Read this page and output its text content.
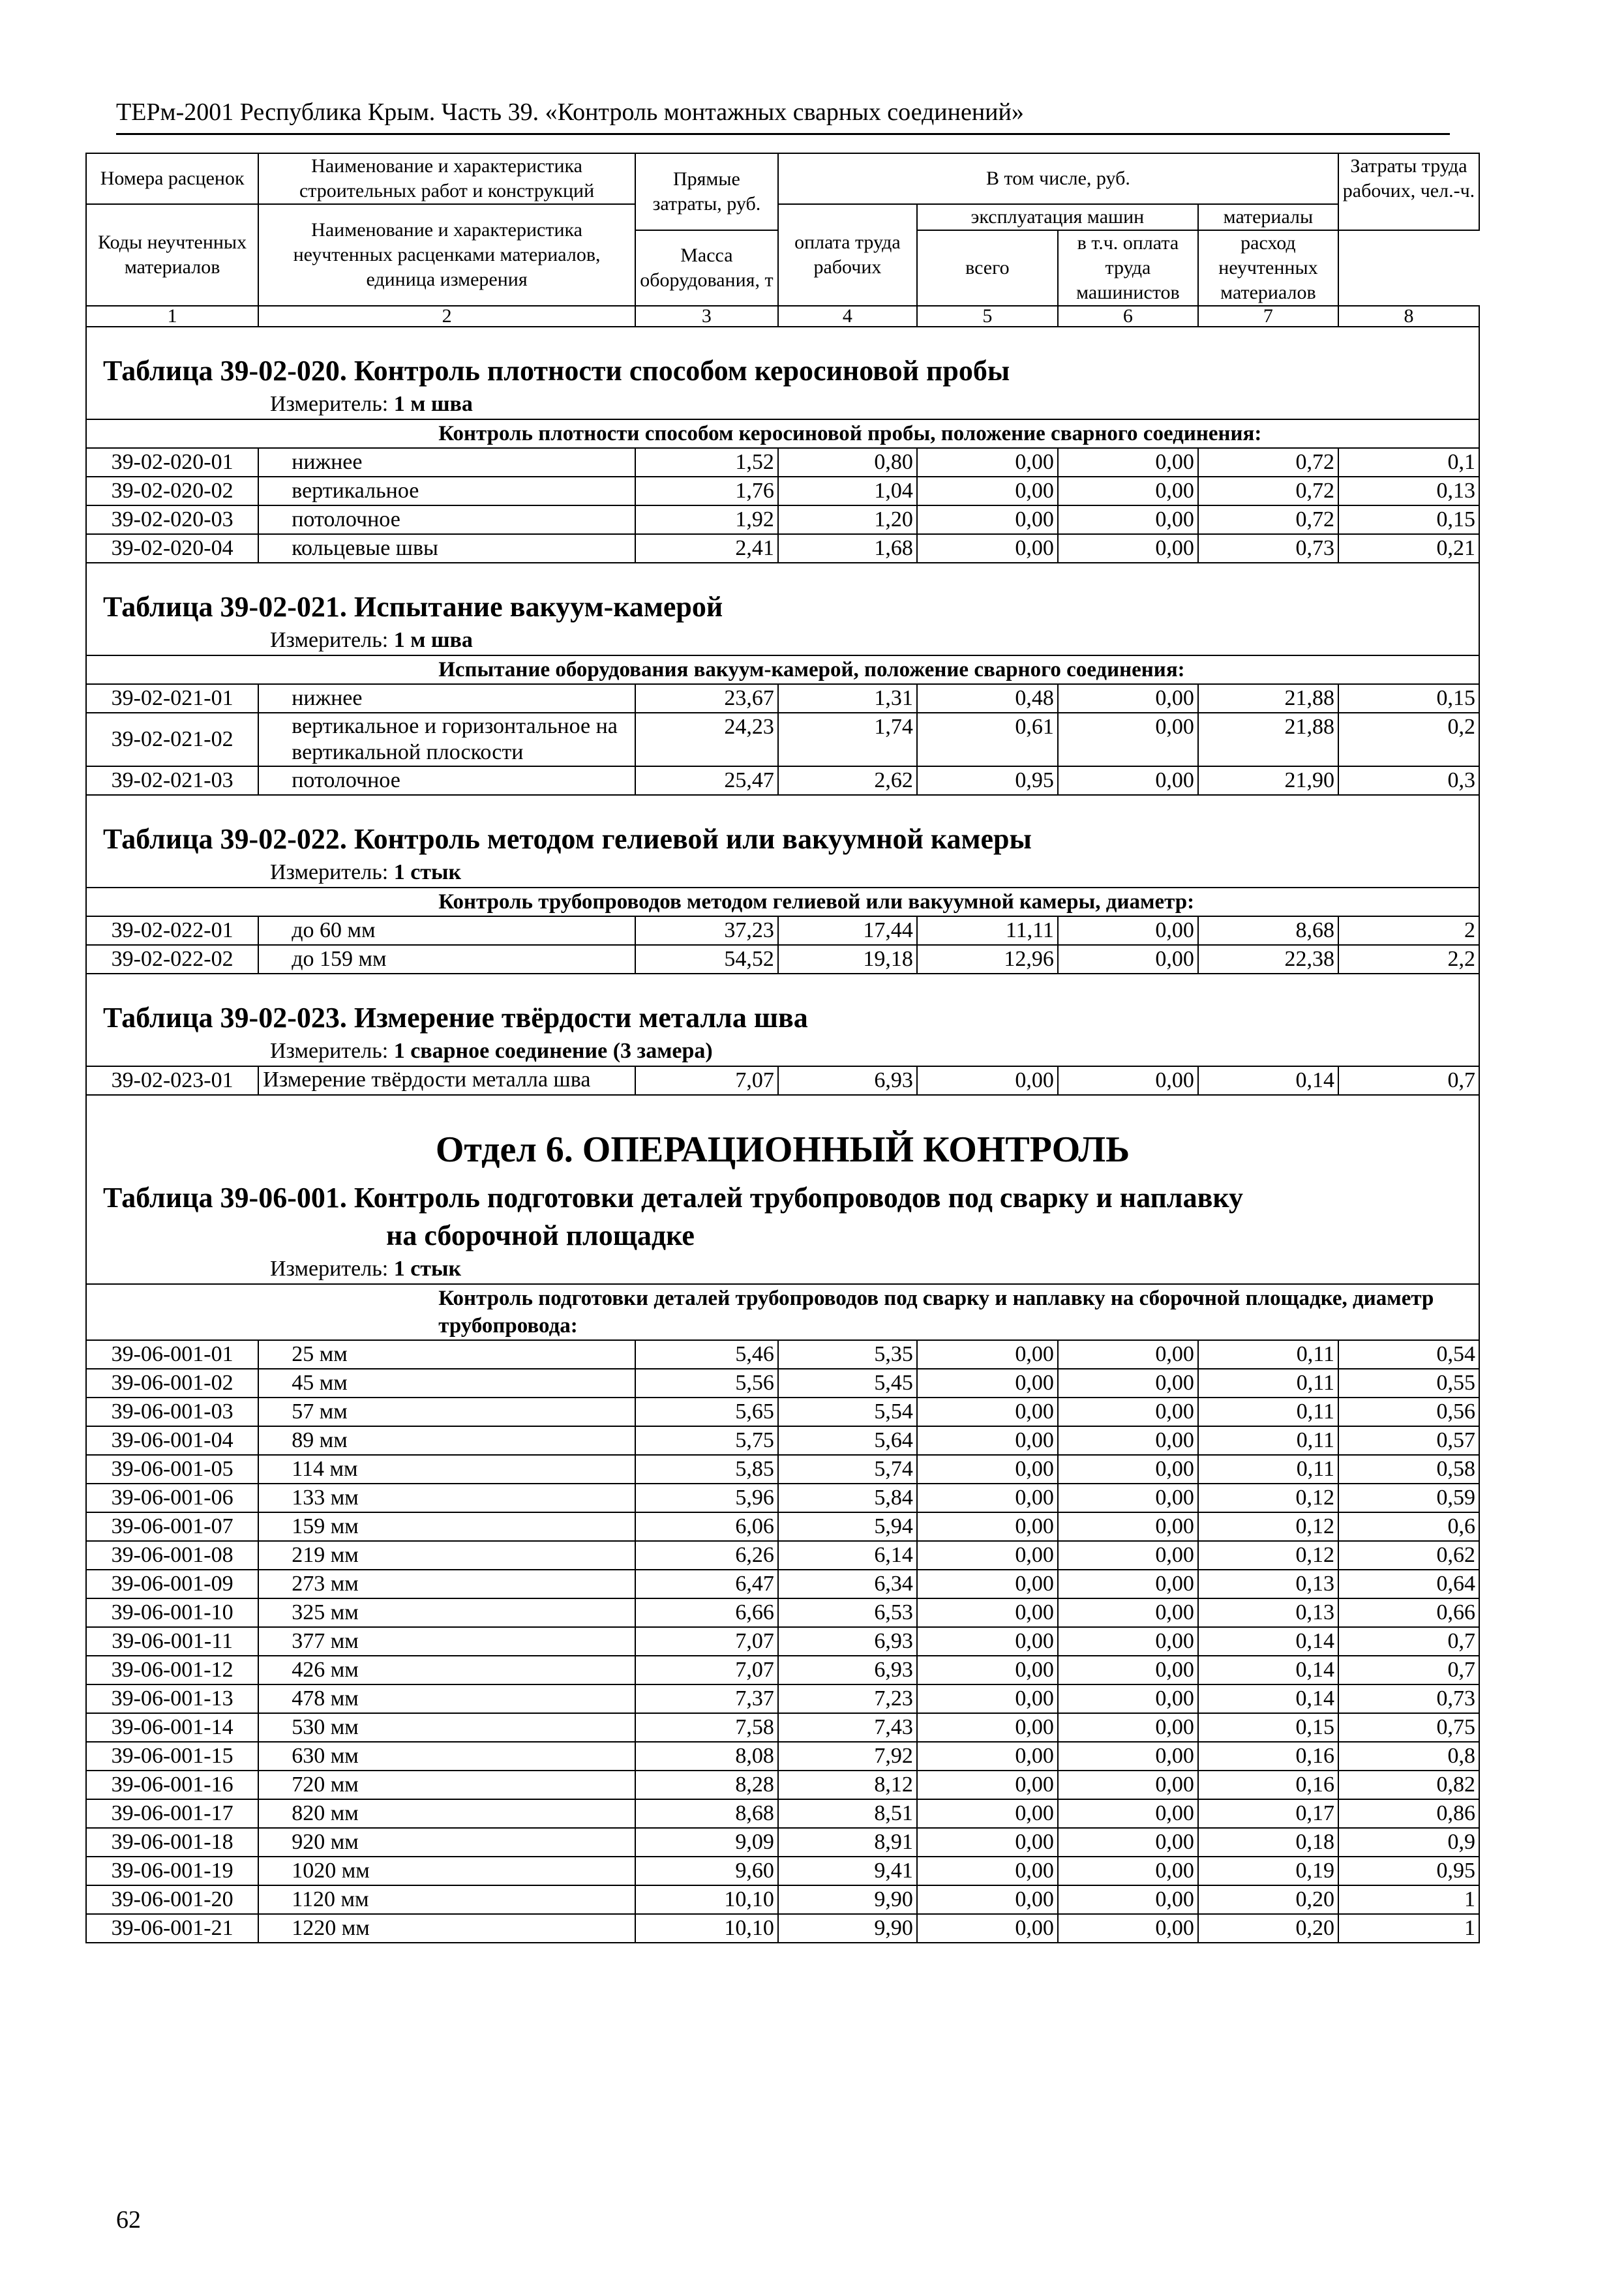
ТЕРм-2001 Республика Крым. Часть 39. «Контроль монтажных сварных соединений»
Номера расценок	Наименование и характеристика строительных работ и конструкций	Прямые затраты, руб.	В том числе, руб.				Затраты труда рабочих, чел.-ч.
Коды неучтенных материалов	Наименование и характеристика неучтенных расценками материалов, единица измерения		оплата труда рабочих	эксплуатация машин		материалы	
				всего	в т.ч. оплата труда машинистов	расход неучтенных материалов	
		Масса оборудования, т					
1	2	3	4	5	6	7	8

Таблица 39-02-020. Контроль плотности способом керосиновой пробы							

Измеритель: 1 м шва							

	Контроль плотности способом керосиновой пробы, положение сварного соединения:						
39-02-020-01	нижнее	1,52	0,80	0,00	0,00	0,72	0,1
39-02-020-02	вертикальное	1,76	1,04	0,00	0,00	0,72	0,13
39-02-020-03	потолочное	1,92	1,20	0,00	0,00	0,72	0,15
39-02-020-04	кольцевые швы	2,41	1,68	0,00	0,00	0,73	0,21

Таблица 39-02-021. Испытание вакуум-камерой							

Измеритель: 1 м шва							

	Испытание оборудования вакуум-камерой, положение сварного соединения:						
39-02-021-01	нижнее	23,67	1,31	0,48	0,00	21,88	0,15
39-02-021-02	вертикальное и горизонтальное на вертикальной плоскости	24,23	1,74	0,61	0,00	21,88	0,2
39-02-021-03	потолочное	25,47	2,62	0,95	0,00	21,90	0,3

Таблица 39-02-022. Контроль методом гелиевой или вакуумной камеры							

Измеритель: 1 стык							

	Контроль трубопроводов методом гелиевой или вакуумной камеры, диаметр:						
39-02-022-01	до 60 мм	37,23	17,44	11,11	0,00	8,68	2
39-02-022-02	до 159 мм	54,52	19,18	12,96	0,00	22,38	2,2

Таблица 39-02-023. Измерение твёрдости металла шва							

Измеритель: 1 сварное соединение (3 замера)							

39-02-023-01	Измерение твёрдости металла шва	7,07	6,93	0,00	0,00	0,14	0,7

Отдел 6. ОПЕРАЦИОННЫЙ КОНТРОЛЬ							

Таблица 39-06-001. Контроль подготовки деталей трубопроводов под сварку и наплавку
на сборочной площадке							

Измеритель: 1 стык							

	Контроль подготовки деталей трубопроводов под сварку и наплавку на сборочной площадке, диаметр трубопровода:						
39-06-001-01	25 мм	5,46	5,35	0,00	0,00	0,11	0,54
39-06-001-02	45 мм	5,56	5,45	0,00	0,00	0,11	0,55
39-06-001-03	57 мм	5,65	5,54	0,00	0,00	0,11	0,56
39-06-001-04	89 мм	5,75	5,64	0,00	0,00	0,11	0,57
39-06-001-05	114 мм	5,85	5,74	0,00	0,00	0,11	0,58
39-06-001-06	133 мм	5,96	5,84	0,00	0,00	0,12	0,59
39-06-001-07	159 мм	6,06	5,94	0,00	0,00	0,12	0,6
39-06-001-08	219 мм	6,26	6,14	0,00	0,00	0,12	0,62
39-06-001-09	273 мм	6,47	6,34	0,00	0,00	0,13	0,64
39-06-001-10	325 мм	6,66	6,53	0,00	0,00	0,13	0,66
39-06-001-11	377 мм	7,07	6,93	0,00	0,00	0,14	0,7
39-06-001-12	426 мм	7,07	6,93	0,00	0,00	0,14	0,7
39-06-001-13	478 мм	7,37	7,23	0,00	0,00	0,14	0,73
39-06-001-14	530 мм	7,58	7,43	0,00	0,00	0,15	0,75
39-06-001-15	630 мм	8,08	7,92	0,00	0,00	0,16	0,8
39-06-001-16	720 мм	8,28	8,12	0,00	0,00	0,16	0,82
39-06-001-17	820 мм	8,68	8,51	0,00	0,00	0,17	0,86
39-06-001-18	920 мм	9,09	8,91	0,00	0,00	0,18	0,9
39-06-001-19	1020 мм	9,60	9,41	0,00	0,00	0,19	0,95
39-06-001-20	1120 мм	10,10	9,90	0,00	0,00	0,20	1
39-06-001-21	1220 мм	10,10	9,90	0,00	0,00	0,20	1
62
